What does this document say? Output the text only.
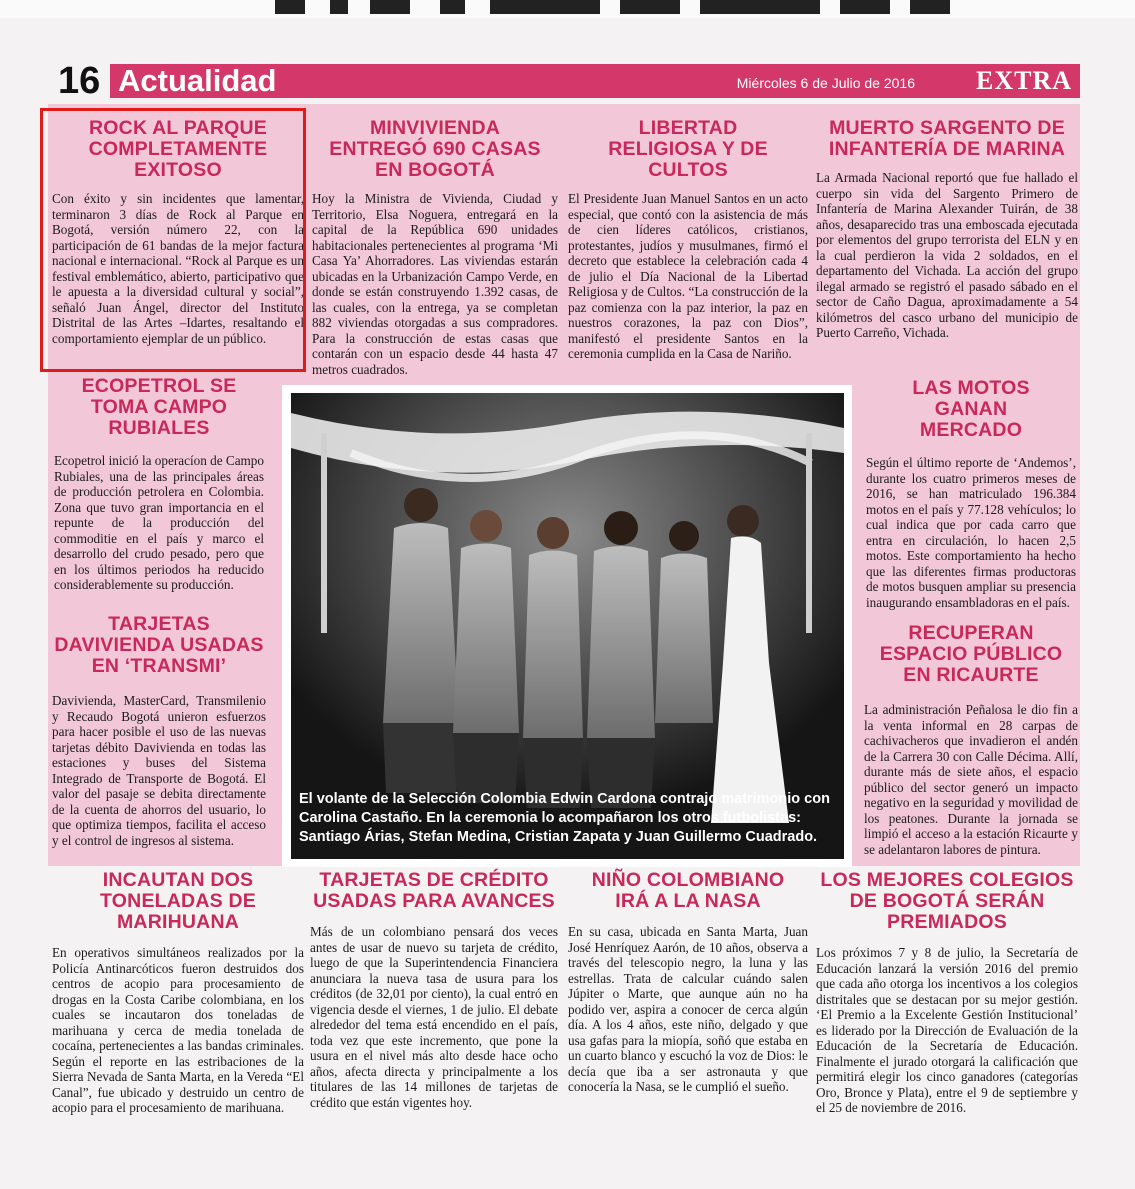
16 Actualidad	Miércoles 6 de Julio de 2016 EXTRA
ROCK AL PARQUE COMPLETAMENTE EXITOSO
Con éxito y sin incidentes que lamentar, terminaron 3 días de Rock al Parque en Bogotá, versión número 22, con la participación de 61 bandas de la mejor factura nacional e internacional. “Rock al Parque es un festival emblemático, abierto, participativo que le apuesta a la diversidad cultural y social”, señaló Juan Ángel, director del Instituto Distrital de las Artes –Idartes, resaltando el comportamiento ejemplar de un público.
MINVIVIENDA ENTREGÓ 690 CASAS EN BOGOTÁ
Hoy la Ministra de Vivienda, Ciudad y Territorio, Elsa Noguera, entregará en la capital de la República 690 unidades habitacionales pertenecientes al programa ‘Mi Casa Ya’ Ahorradores. Las viviendas estarán ubicadas en la Urbanización Campo Verde, en donde se están construyendo 1.392 casas, de las cuales, con la entrega, ya se completan 882 viviendas otorgadas a sus compradores. Para la construcción de estas casas que contarán con un espacio desde 44 hasta 47 metros cuadrados.
LIBERTAD RELIGIOSA Y DE CULTOS
El Presidente Juan Manuel Santos en un acto especial, que contó con la asistencia de más de cien líderes católicos, cristianos, protestantes, judíos y musulmanes, firmó el decreto que establece la celebración cada 4 de julio el Día Nacional de la Libertad Religiosa y de Cultos. “La construcción de la paz comienza con la paz interior, la paz en nuestros corazones, la paz con Dios”, manifestó el presidente Santos en la ceremonia cumplida en la Casa de Nariño.
MUERTO SARGENTO DE INFANTERÍA DE MARINA
La Armada Nacional reportó que fue hallado el cuerpo sin vida del Sargento Primero de Infantería de Marina Alexander Tuirán, de 38 años, desaparecido tras una emboscada ejecutada por elementos del grupo terrorista del ELN y en la cual perdieron la vida 2 soldados, en el departamento del Vichada. La acción del grupo ilegal armado se registró el pasado sábado en el sector de Caño Dagua, aproximadamente a 54 kilómetros del casco urbano del municipio de Puerto Carreño, Vichada.
ECOPETROL SE TOMA CAMPO RUBIALES
Ecopetrol inició la operacíon de Campo Rubiales, una de las principales áreas de producción petrolera en Colombia. Zona que tuvo gran importancia en el repunte de la producción del commoditie en el país y marco el desarrollo del crudo pesado, pero que en los últimos periodos ha reducido considerablemente su producción.
TARJETAS DAVIVIENDA USADAS EN ‘TRANSMI’
Davivienda, MasterCard, Transmilenio y Recaudo Bogotá unieron esfuerzos para hacer posible el uso de las nuevas tarjetas débito Davivienda en todas las estaciones y buses del Sistema Integrado de Transporte de Bogotá. El valor del pasaje se debita directamente de la cuenta de ahorros del usuario, lo que optimiza tiempos, facilita el acceso y el control de ingresos al sistema.
El volante de la Selección Colombia Edwin Cardona contrajo matrimonio con Carolina Castaño. En la ceremonia lo acompañaron los otros futbolistas: Santiago Árias, Stefan Medina, Cristian Zapata y Juan Guillermo Cuadrado.
LAS MOTOS GANAN MERCADO
Según el último reporte de ‘Andemos’, durante los cuatro primeros meses de 2016, se han matriculado 196.384 motos en el país y 77.128 vehículos; lo cual indica que por cada carro que entra en circulación, lo hacen 2,5 motos. Este comportamiento ha hecho que las diferentes firmas productoras de motos busquen ampliar su presencia inaugurando ensambladoras en el país.
RECUPERAN ESPACIO PÚBLICO EN RICAURTE
La administración Peñalosa le dio fin a la venta informal en 28 carpas de cachivacheros que invadieron el andén de la Carrera 30 con Calle Décima. Allí, durante más de siete años, el espacio público del sector generó un impacto negativo en la seguridad y movilidad de los peatones. Durante la jornada se limpió el acceso a la estación Ricaurte y se adelantaron labores de pintura.
INCAUTAN DOS TONELADAS DE MARIHUANA
En operativos simultáneos realizados por la Policía Antinarcóticos fueron destruidos dos centros de acopio para procesamiento de drogas en la Costa Caribe colombiana, en los cuales se incautaron dos toneladas de marihuana y cerca de media tonelada de cocaína, pertenecientes a las bandas criminales. Según el reporte en las estribaciones de la Sierra Nevada de Santa Marta, en la Vereda “El Canal”, fue ubicado y destruido un centro de acopio para el procesamiento de marihuana.
TARJETAS DE CRÉDITO USADAS PARA AVANCES
Más de un colombiano pensará dos veces antes de usar de nuevo su tarjeta de crédito, luego de que la Superintendencia Financiera anunciara la nueva tasa de usura para los créditos (de 32,01 por ciento), la cual entró en vigencia desde el viernes, 1 de julio. El debate alrededor del tema está encendido en el país, toda vez que este incremento, que pone la usura en el nivel más alto desde hace ocho años, afecta directa y principalmente a los titulares de las 14 millones de tarjetas de crédito que están vigentes hoy.
NIÑO COLOMBIANO IRÁ A LA NASA
En su casa, ubicada en Santa Marta, Juan José Henríquez Aarón, de 10 años, observa a través del telescopio negro, la luna y las estrellas. Trata de calcular cuándo salen Júpiter o Marte, que aunque aún no ha podido ver, aspira a conocer de cerca algún día. A los 4 años, este niño, delgado y que usa gafas para la miopía, soñó que estaba en un cuarto blanco y escuchó la voz de Dios: le decía que iba a ser astronauta y que conocería la Nasa, se le cumplió el sueño.
LOS MEJORES COLEGIOS DE BOGOTÁ SERÁN PREMIADOS
Los próximos 7 y 8 de julio, la Secretaría de Educación lanzará la versión 2016 del premio que cada año otorga los incentivos a los colegios distritales que se destacan por su mejor gestión. ‘El Premio a la Excelente Gestión Institucional’ es liderado por la Dirección de Evaluación de la Educación de la Secretaría de Educación. Finalmente el jurado otorgará la calificación que permitirá elegir los cinco ganadores (categorías Oro, Bronce y Plata), entre el 9 de septiembre y el 25 de noviembre de 2016.
